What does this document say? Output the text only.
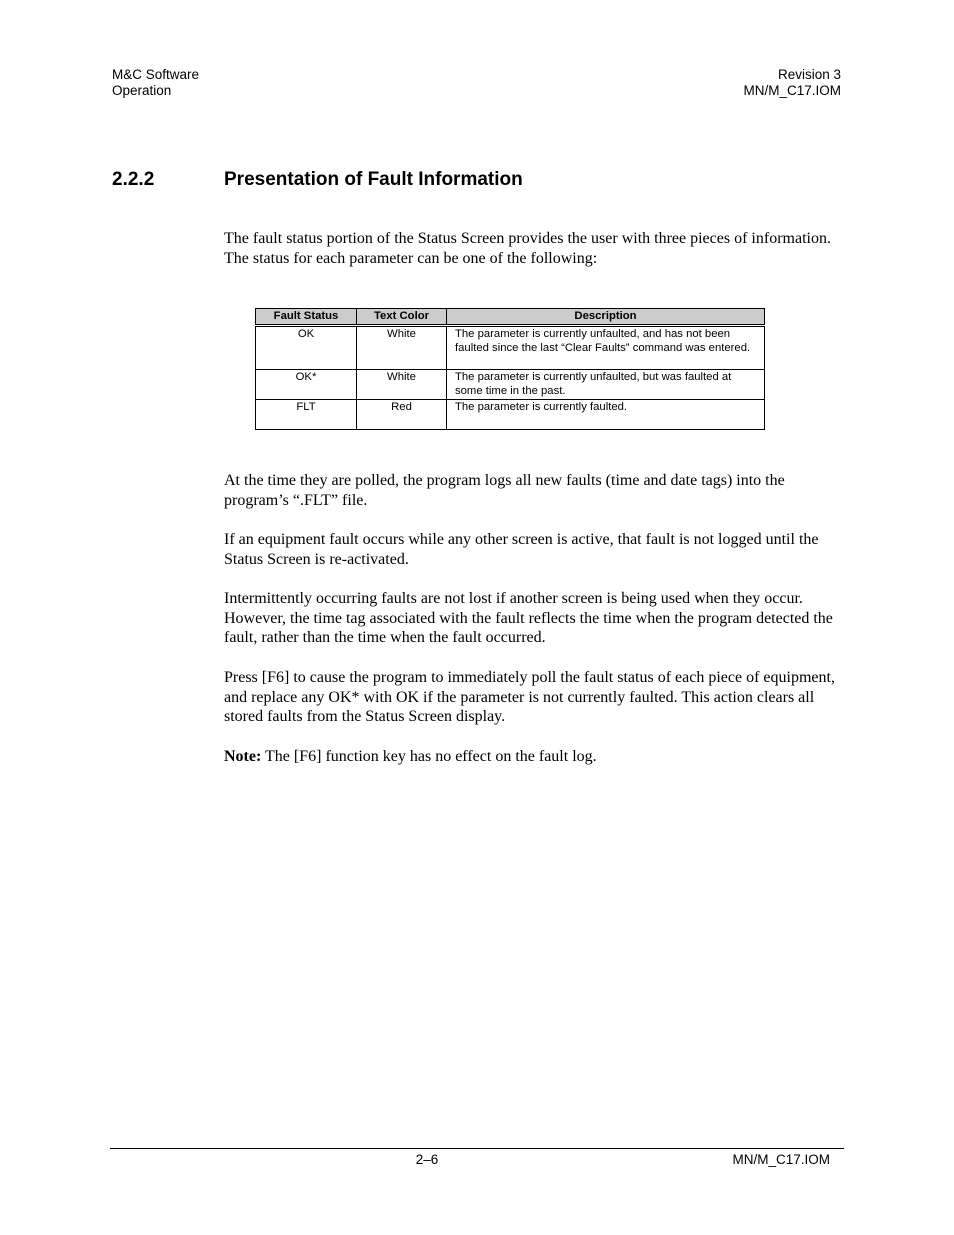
M&C Software
Operation
Revision 3
MN/M_C17.IOM
2.2.2	Presentation of Fault Information

The fault status portion of the Status Screen provides the user with three pieces of information. The status for each parameter can be one of the following:

Fault Status	Text Color	Description
OK	White	The parameter is currently unfaulted, and has not been faulted since the last “Clear Faults” command was entered.
OK*	White	The parameter is currently unfaulted, but was faulted at some time in the past.
FLT	Red	The parameter is currently faulted.

At the time they are polled, the program logs all new faults (time and date tags) into the program’s “.FLT” file.

If an equipment fault occurs while any other screen is active, that fault is not logged until the Status Screen is re-activated.

Intermittently occurring faults are not lost if another screen is being used when they occur. However, the time tag associated with the fault reflects the time when the program detected the fault, rather than the time when the fault occurred.

Press [F6] to cause the program to immediately poll the fault status of each piece of equipment, and replace any OK* with OK if the parameter is not currently faulted. This action clears all stored faults from the Status Screen display.

Note: The [F6] function key has no effect on the fault log.

2–6	MN/M_C17.IOM
